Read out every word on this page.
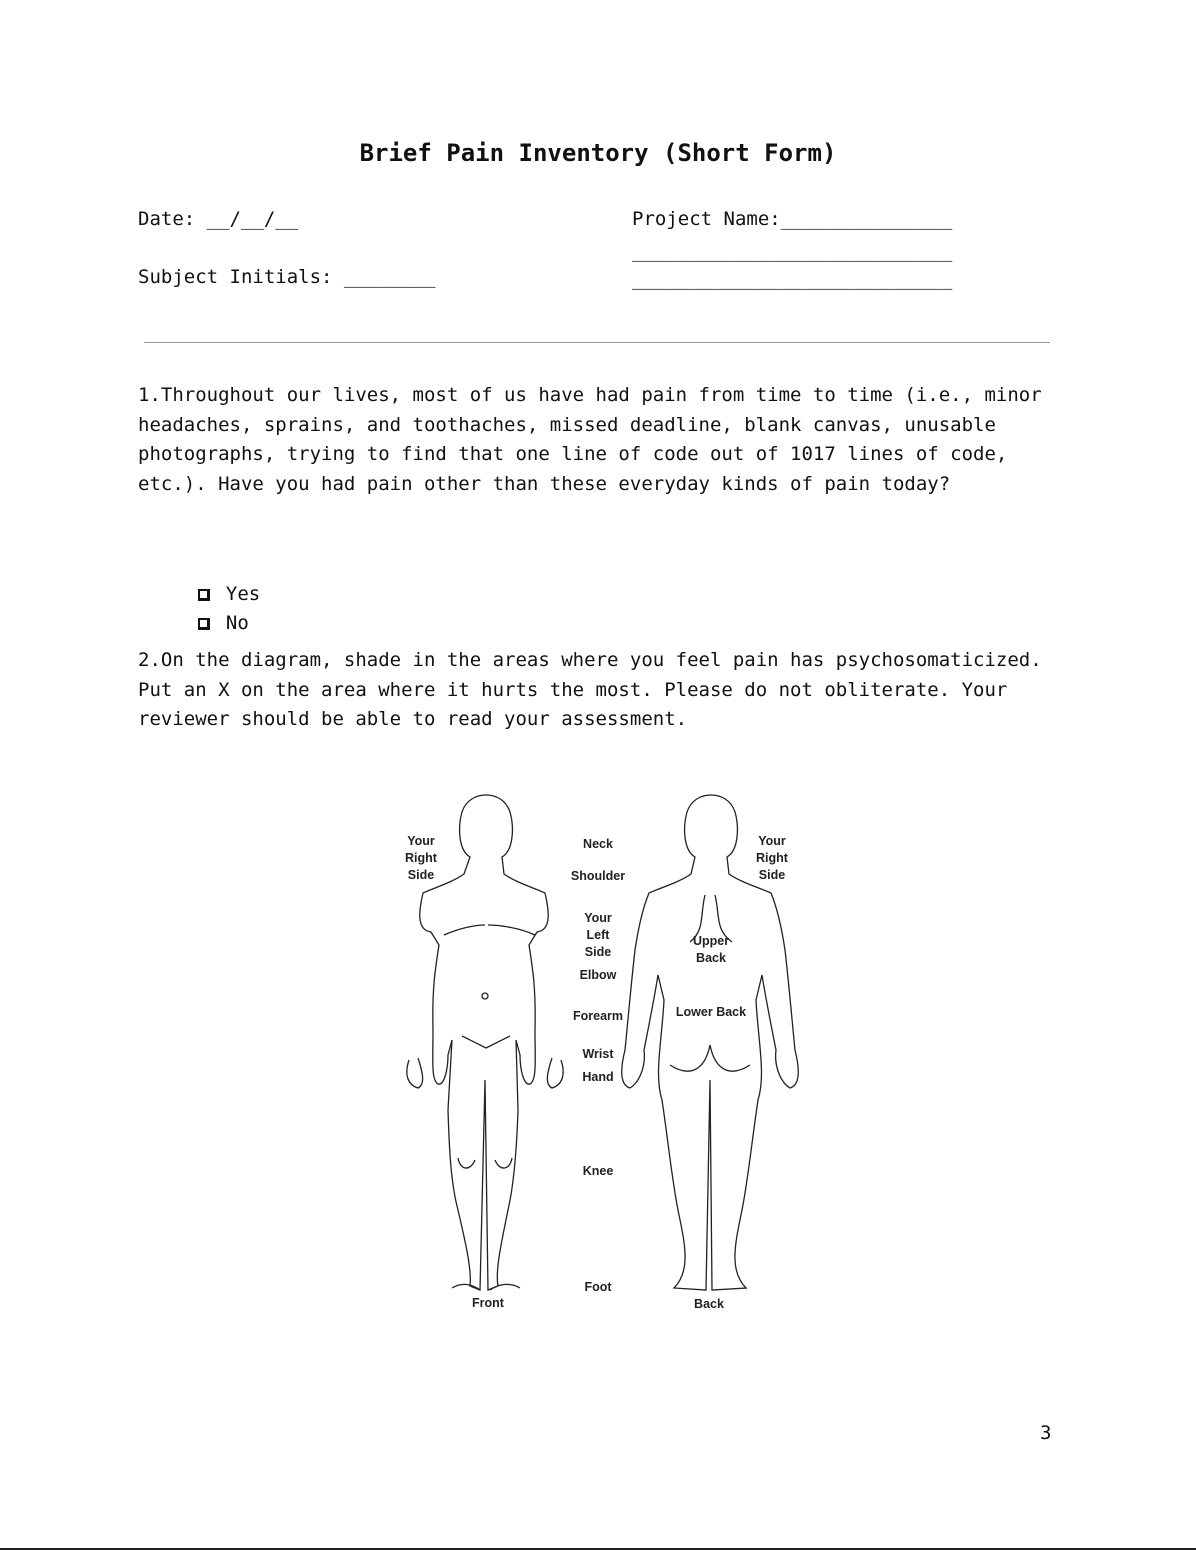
Brief Pain Inventory (Short Form)
Date: __/__/__	Project Name:_______________
____________________________
Subject Initials: ________	____________________________
1.Throughout our lives, most of us have had pain from time to time (i.e., minor headaches, sprains, and toothaches, missed deadline, blank canvas, unusable photographs, trying to find that one line of code out of 1017 lines of code, etc.). Have you had pain other than these everyday kinds of pain today?

Yes

No

2.On the diagram, shade in the areas where you feel pain has psychosomaticized. Put an X on the area where it hurts the most. Please do not obliterate. Your reviewer should be able to read your assessment.
Your
Right
Side
Your
Right
Side
Neck
Shoulder
Your
Left
Side
Elbow
Forearm
Wrist
Hand
Knee
Foot
Upper
Back
Lower Back
Front	Back
3
